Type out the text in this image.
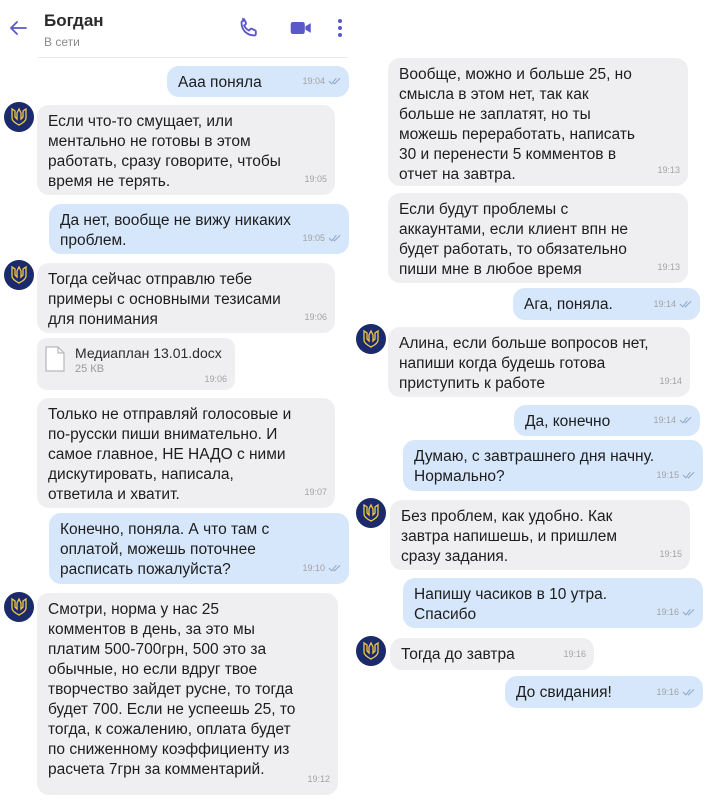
Богдан
В сети
Ааа поняла	19:04
Если что-то смущает, или
ментально не готовы в этом
работать, сразу говорите, чтобы
время не терять.	19:05
Да нет, вообще не вижу никаких
проблем.	19:05
Тогда сейчас отправлю тебе
примеры с основными тезисами
для понимания	19:06
Медиаплан 13.01.docx
25 КВ
19:06
Только не отправляй голосовые и
по-русски пиши внимательно. И
самое главное, НЕ НАДО с ними
дискутировать, написала,
ответила и хватит.	19:07
Конечно, поняла. А что там с
оплатой, можешь поточнее
расписать пожалуйста?	19:10
Смотри, норма у нас 25
комментов в день, за это мы
платим 500-700грн, 500 это за
обычные, но если вдруг твое
творчество зайдет русне, то тогда
будет 700. Если не успеешь 25, то
тогда, к сожалению, оплата будет
по сниженному коэффициенту из
расчета 7грн за комментарий.
19:12
Вообще, можно и больше 25, но
смысла в этом нет, так как
больше не заплатят, но ты
можешь переработать, написать
30 и перенести 5 комментов в
отчет на завтра.	19:13
Если будут проблемы с
аккаунтами, если клиент впн не
будет работать, то обязательно
пиши мне в любое время	19:13
Ага, поняла.	19:14
Алина, если больше вопросов нет,
напиши когда будешь готова
приступить к работе	19:14
Да, конечно	19:14
Думаю, с завтрашнего дня начну.
Нормально?	19:15
Без проблем, как удобно. Как
завтра напишешь, и пришлем
сразу задания.	19:15
Напишу часиков в 10 утра.
Спасибо	19:16
Тогда до завтра	19:16
До свидания!	19:16
